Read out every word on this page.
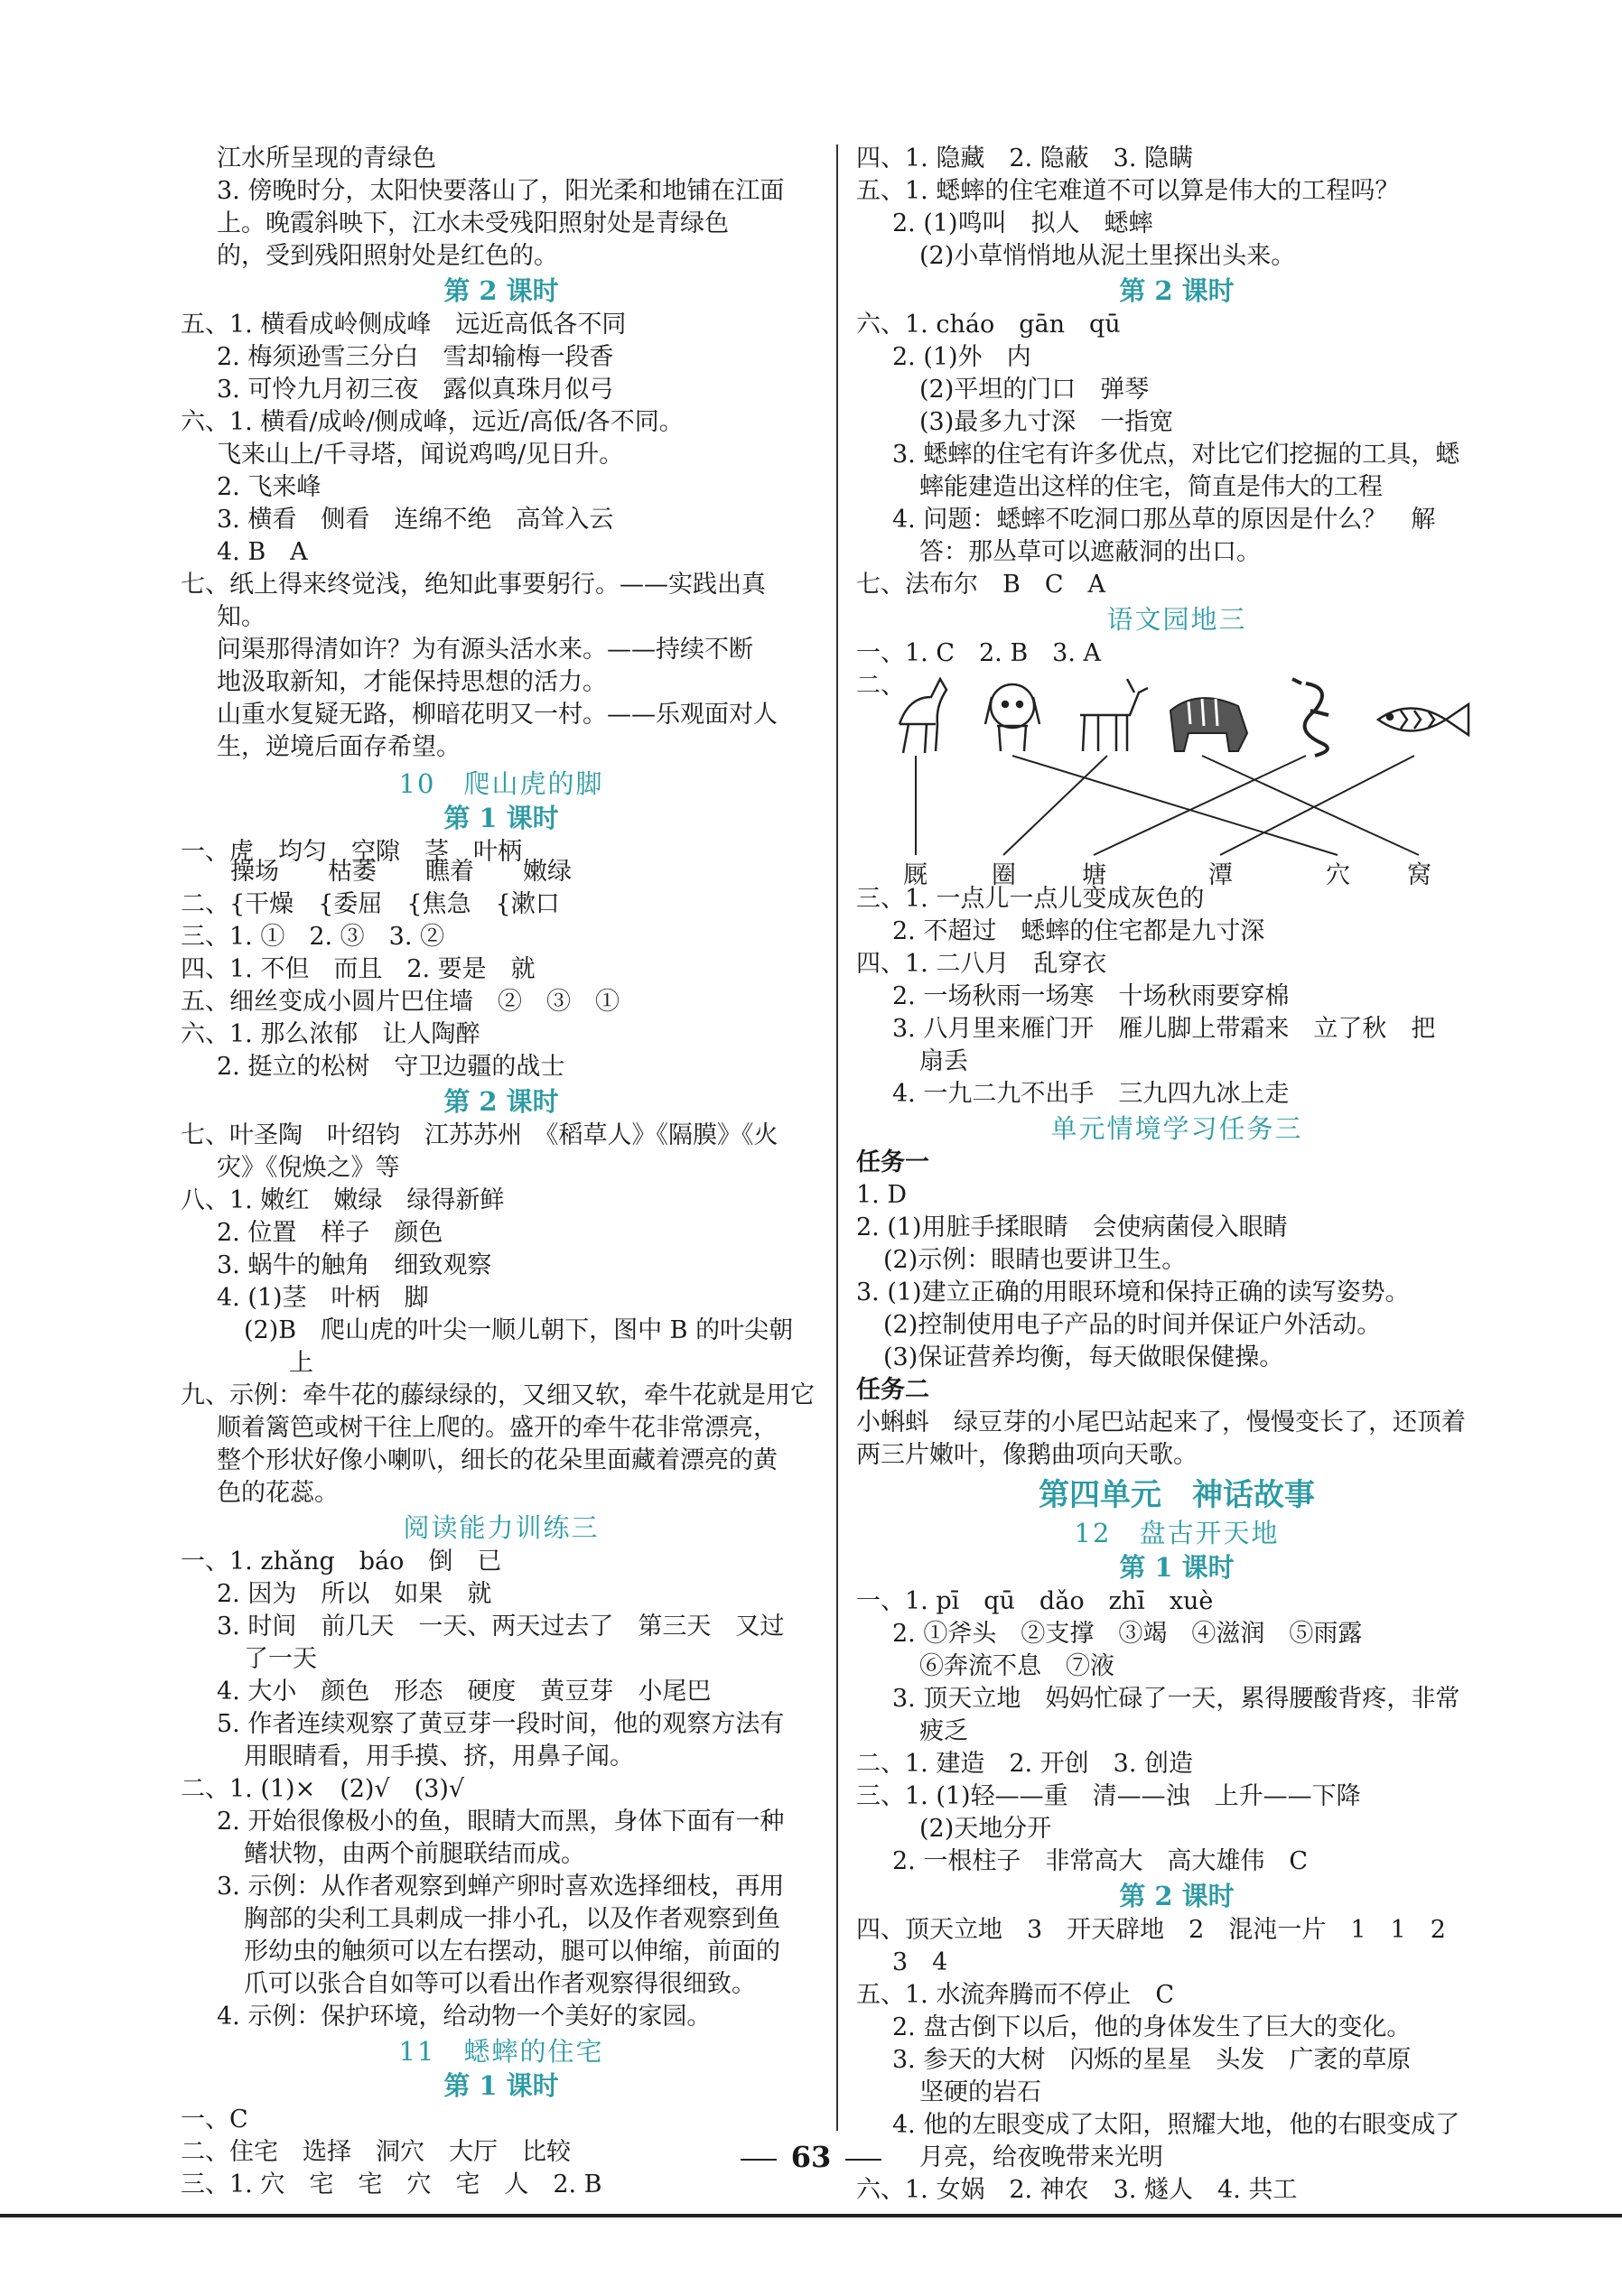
江水所呈现的青绿色
3. 傍晚时分，太阳快要落山了，阳光柔和地铺在江面
上。晚霞斜映下，江水未受残阳照射处是青绿色
的，受到残阳照射处是红色的。
第 2 课时
五、1. 横看成岭侧成峰　远近高低各不同
2. 梅须逊雪三分白　雪却输梅一段香
3. 可怜九月初三夜　露似真珠月似弓
六、1. 横看/成岭/侧成峰，远近/高低/各不同。
飞来山上/千寻塔，闻说鸡鸣/见日升。
2. 飞来峰
3. 横看　侧看　连绵不绝　高耸入云
4. B　A
七、纸上得来终觉浅，绝知此事要躬行。——实践出真
知。
问渠那得清如许？为有源头活水来。——持续不断
地汲取新知，才能保持思想的活力。
山重水复疑无路，柳暗花明又一村。——乐观面对人
生，逆境后面存希望。
10　爬山虎的脚
第 1 课时
一、虎　均匀　空隙　茎　叶柄
操场　　枯萎　　瞧着　　嫩绿
二、{干燥　{委屈　{焦急　{漱口
三、1. ①　2. ③　3. ②
四、1. 不但　而且　2. 要是　就
五、细丝变成小圆片巴住墙　②　③　①
六、1. 那么浓郁　让人陶醉
2. 挺立的松树　守卫边疆的战士
第 2 课时
七、叶圣陶　叶绍钧　江苏苏州　《稻草人》《隔膜》《火
灾》《倪焕之》等
八、1. 嫩红　嫩绿　绿得新鲜
2. 位置　样子　颜色
3. 蜗牛的触角　细致观察
4. (1)茎　叶柄　脚
(2)B　爬山虎的叶尖一顺儿朝下，图中 B 的叶尖朝
上
九、示例：牵牛花的藤绿绿的，又细又软，牵牛花就是用它
顺着篱笆或树干往上爬的。盛开的牵牛花非常漂亮，
整个形状好像小喇叭，细长的花朵里面藏着漂亮的黄
色的花蕊。
阅读能力训练三
一、1. zhǎng　báo　倒　已
2. 因为　所以　如果　就
3. 时间　前几天　一天、两天过去了　第三天　又过
了一天
4. 大小　颜色　形态　硬度　黄豆芽　小尾巴
5. 作者连续观察了黄豆芽一段时间，他的观察方法有
用眼睛看，用手摸、挤，用鼻子闻。
二、1. (1)×　(2)√　(3)√
2. 开始很像极小的鱼，眼睛大而黑，身体下面有一种
鳍状物，由两个前腿联结而成。
3. 示例：从作者观察到蝉产卵时喜欢选择细枝，再用
胸部的尖利工具刺成一排小孔，以及作者观察到鱼
形幼虫的触须可以左右摆动，腿可以伸缩，前面的
爪可以张合自如等可以看出作者观察得很细致。
4. 示例：保护环境，给动物一个美好的家园。
11　蟋蟀的住宅
第 1 课时
一、C
二、住宅　选择　洞穴　大厅　比较
三、1. 穴　宅　宅　穴　宅　人　2. B
四、1. 隐藏　2. 隐蔽　3. 隐瞒
五、1. 蟋蟀的住宅难道不可以算是伟大的工程吗？
2. (1)鸣叫　拟人　蟋蟀
(2)小草悄悄地从泥土里探出头来。
第 2 课时
六、1. cháo　gān　qū
2. (1)外　内
(2)平坦的门口　弹琴
(3)最多九寸深　一指宽
3. 蟋蟀的住宅有许多优点，对比它们挖掘的工具，蟋
蟀能建造出这样的住宅，简直是伟大的工程
4. 问题：蟋蟀不吃洞口那丛草的原因是什么？　解
答：那丛草可以遮蔽洞的出口。
七、法布尔　B　C　A
语文园地三
一、1. C　2. B　3. A
二、
厩	圈	塘	潭	穴 窝
三、1. 一点儿一点儿变成灰色的
2. 不超过　蟋蟀的住宅都是九寸深
四、1. 二八月　乱穿衣
2. 一场秋雨一场寒　十场秋雨要穿棉
3. 八月里来雁门开　雁儿脚上带霜来　立了秋　把
扇丢
4. 一九二九不出手　三九四九冰上走
单元情境学习任务三
任务一
1. D
2. (1)用脏手揉眼睛　会使病菌侵入眼睛
(2)示例：眼睛也要讲卫生。
3. (1)建立正确的用眼环境和保持正确的读写姿势。
(2)控制使用电子产品的时间并保证户外活动。
(3)保证营养均衡，每天做眼保健操。
任务二
小蝌蚪　绿豆芽的小尾巴站起来了，慢慢变长了，还顶着
两三片嫩叶，像鹅曲项向天歌。
第四单元　神话故事
12　盘古开天地
第 1 课时
一、1. pī　qū　dǎo　zhī　xuè
2. ①斧头　②支撑　③竭　④滋润　⑤雨露
⑥奔流不息　⑦液
3. 顶天立地　妈妈忙碌了一天，累得腰酸背疼，非常
疲乏
二、1. 建造　2. 开创　3. 创造
三、1. (1)轻——重　清——浊　上升——下降
(2)天地分开
2. 一根柱子　非常高大　高大雄伟　C
第 2 课时
四、顶天立地　3　开天辟地　2　混沌一片　1　1　2
3　4
五、1. 水流奔腾而不停止　C
2. 盘古倒下以后，他的身体发生了巨大的变化。
3. 参天的大树　闪烁的星星　头发　广袤的草原
坚硬的岩石
4. 他的左眼变成了太阳，照耀大地，他的右眼变成了
月亮，给夜晚带来光明
六、1. 女娲　2. 神农　3. 燧人　4. 共工
63
